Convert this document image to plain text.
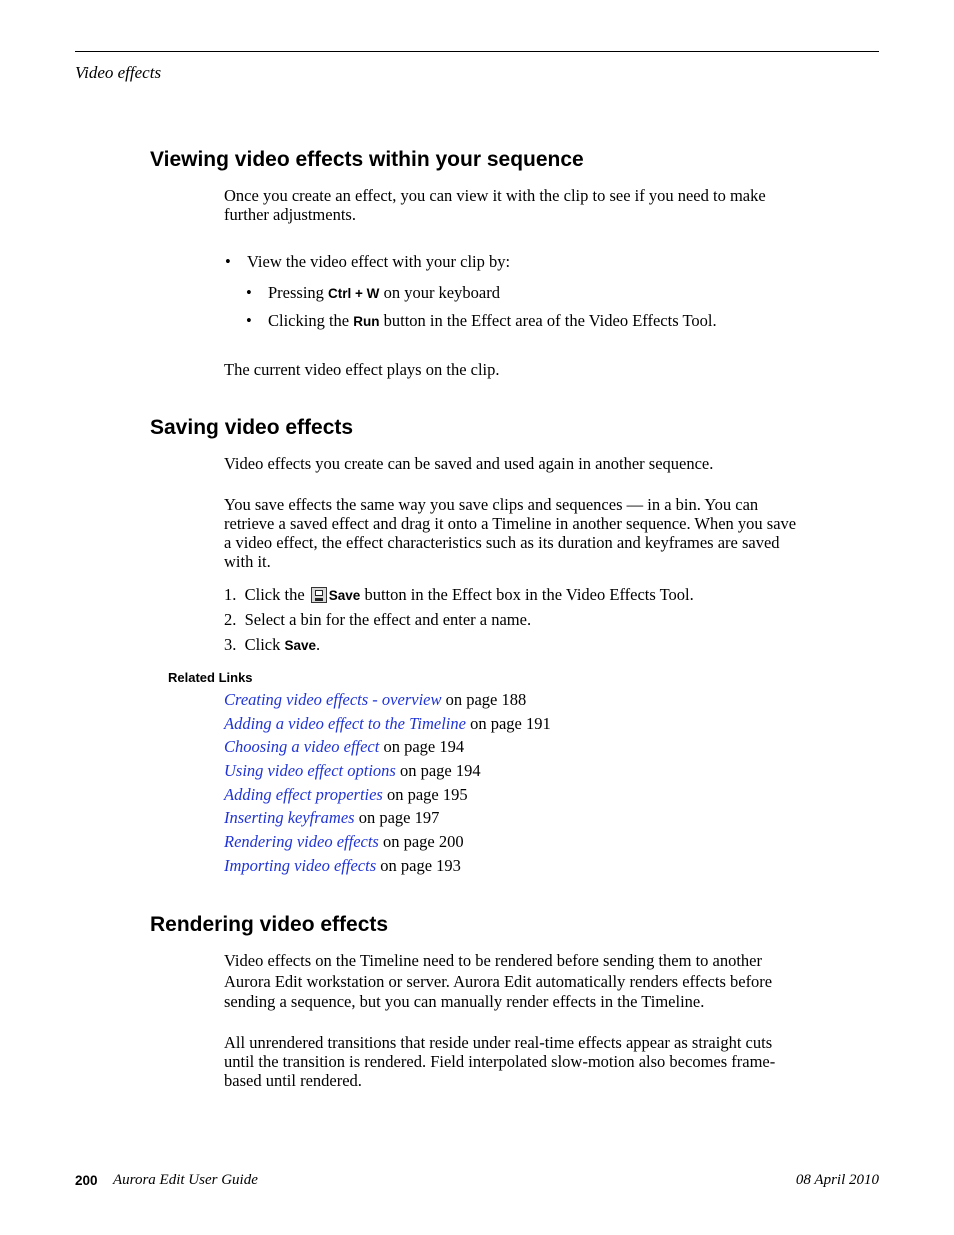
Video effects
Viewing video effects within your sequence
Once you create an effect, you can view it with the clip to see if you need to make further adjustments.
• View the video effect with your clip by:
• Pressing Ctrl + W on your keyboard
• Clicking the Run button in the Effect area of the Video Effects Tool.
The current video effect plays on the clip.
Saving video effects
Video effects you create can be saved and used again in another sequence.
You save effects the same way you save clips and sequences — in a bin. You can retrieve a saved effect and drag it onto a Timeline in another sequence. When you save a video effect, the effect characteristics such as its duration and keyframes are saved with it.
1. Click the Save button in the Effect box in the Video Effects Tool.
2. Select a bin for the effect and enter a name.
3. Click Save.
Related Links
Creating video effects - overview on page 188
Adding a video effect to the Timeline on page 191
Choosing a video effect on page 194
Using video effect options on page 194
Adding effect properties on page 195
Inserting keyframes on page 197
Rendering video effects on page 200
Importing video effects on page 193
Rendering video effects
Video effects on the Timeline need to be rendered before sending them to another Aurora Edit workstation or server. Aurora Edit automatically renders effects before sending a sequence, but you can manually render effects in the Timeline.
All unrendered transitions that reside under real-time effects appear as straight cuts until the transition is rendered. Field interpolated slow-motion also becomes frame-based until rendered.
200 Aurora Edit User Guide	08 April 2010
